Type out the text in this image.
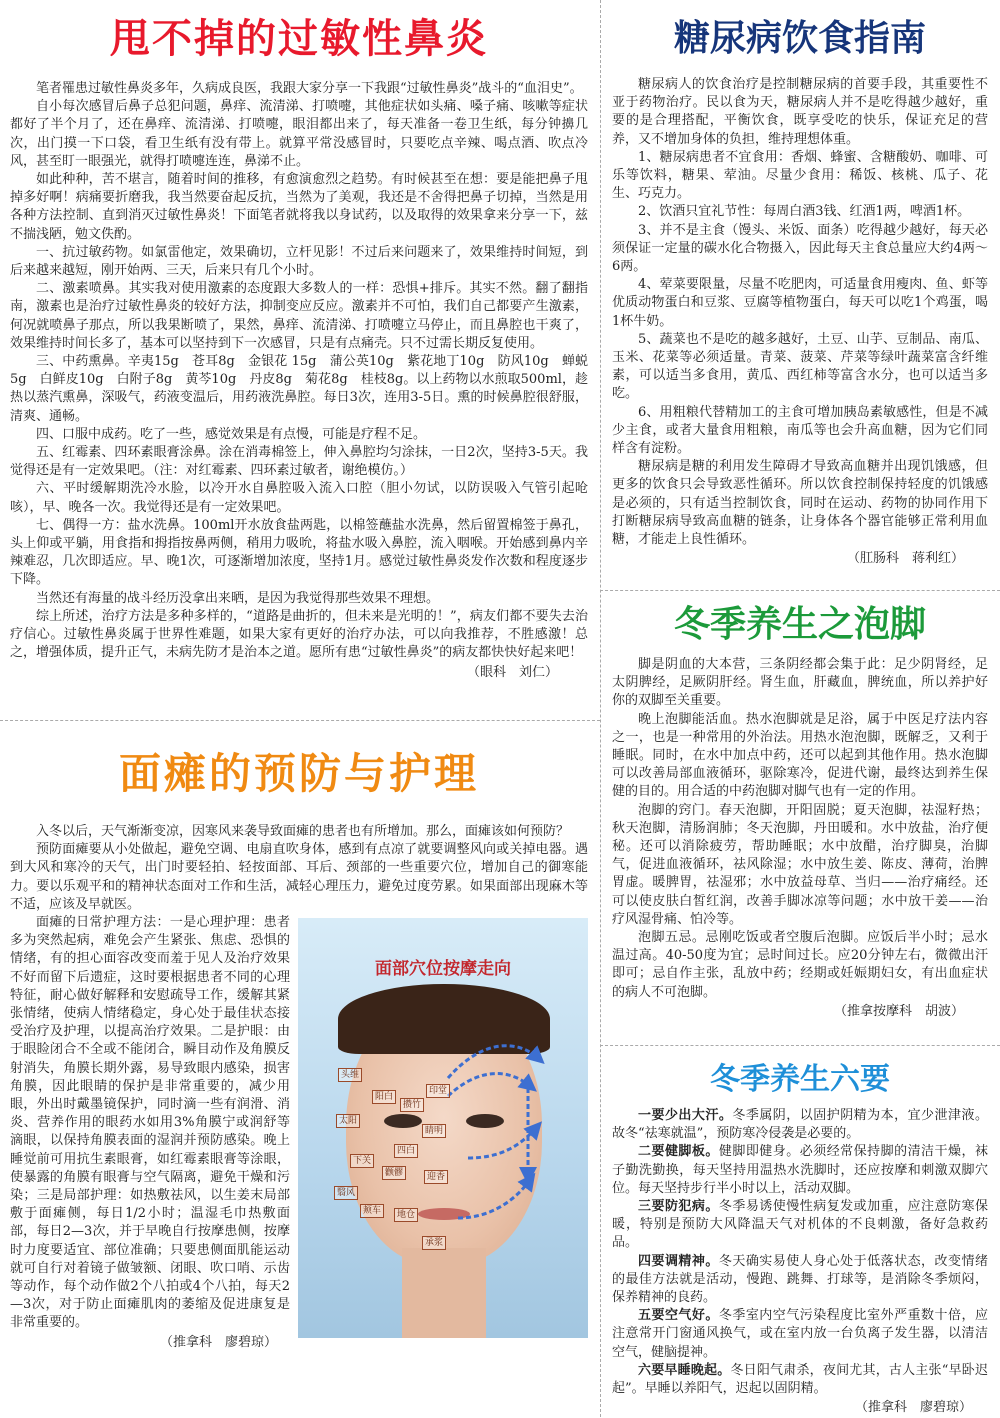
甩不掉的过敏性鼻炎

笔者罹患过敏性鼻炎多年，久病成良医，我跟大家分享一下我跟“过敏性鼻炎”战斗的“血泪史”。

自小每次感冒后鼻子总犯问题，鼻痒、流清涕、打喷嚏，其他症状如头痛、嗓子痛、咳嗽等症状都好了半个月了，还在鼻痒、流清涕、打喷嚏，眼泪都出来了，每天准备一卷卫生纸，每分钟擤几次，出门摸一下口袋，看卫生纸有没有带上。就算平常没感冒时，只要吃点辛辣、喝点酒、吹点冷风，甚至盯一眼强光，就得打喷嚏连连，鼻涕不止。

如此种种，苦不堪言，随着时间的推移，有愈演愈烈之趋势。有时候甚至在想：要是能把鼻子甩掉多好啊！病痛要折磨我，我当然要奋起反抗，当然为了美观，我还是不舍得把鼻子切掉，当然是用各种方法控制、直到消灭过敏性鼻炎！下面笔者就将我以身试药，以及取得的效果拿来分享一下，兹不揣浅陋，勉文佚酌。

一、抗过敏药物。如氯雷他定，效果确切，立杆见影！不过后来问题来了，效果维持时间短，到后来越来越短，刚开始两、三天，后来只有几个小时。

二、激素喷鼻。其实我对使用激素的态度跟大多数人的一样：恐惧+排斥。其实不然。翻了翻指南，激素也是治疗过敏性鼻炎的较好方法，抑制变应反应。激素并不可怕，我们自己都要产生激素，何况就喷鼻子那点，所以我果断喷了，果然，鼻痒、流清涕、打喷嚏立马停止，而且鼻腔也干爽了，效果维持时间长多了，基本可以坚持到下一次感冒，只是有点痛壳。只不过需长期反复使用。

三、中药熏鼻。辛夷15g　苍耳8g　金银花 15g　蒲公英10g　紫花地丁10g　防风10g　蝉蜕5g　白鲜皮10g　白附子8g　黄芩10g　丹皮8g　菊花8g　桂枝8g。以上药物以水煎取500ml，趁热以蒸汽熏鼻，深吸气，药液变温后，用药液洗鼻腔。每日3次，连用3-5日。熏的时候鼻腔很舒服，清爽、通畅。

四、口服中成药。吃了一些，感觉效果是有点慢，可能是疗程不足。

五、红霉素、四环素眼膏涂鼻。涂在消毒棉签上，伸入鼻腔均匀涂抹，一日2次，坚持3-5天。我觉得还是有一定效果吧。（注：对红霉素、四环素过敏者，谢绝模仿。）

六、平时缓解期洗冷水脸，以冷开水自鼻腔吸入流入口腔（胆小勿试，以防误吸入气管引起呛咳），早、晚各一次。我觉得还是有一定效果吧。

七、偶得一方：盐水洗鼻。100ml开水放食盐两匙，以棉签蘸盐水洗鼻，然后留置棉签于鼻孔，头上仰或平躺，用食指和拇指按鼻两侧，稍用力吸吮，将盐水吸入鼻腔，流入咽喉。开始感到鼻内辛辣难忍，几次即适应。早、晚1次，可逐渐增加浓度，坚持1月。感觉过敏性鼻炎发作次数和程度逐步下降。

当然还有海量的战斗经历没拿出来晒，是因为我觉得那些效果不理想。

综上所述，治疗方法是多种多样的，“道路是曲折的，但未来是光明的！”，病友们都不要失去治疗信心。过敏性鼻炎属于世界性难题，如果大家有更好的治疗办法，可以向我推荐，不胜感激！总之，增强体质，提升正气，未病先防才是治本之道。愿所有患“过敏性鼻炎”的病友都快快好起来吧！

（眼科　刘仁）

面瘫的预防与护理

入冬以后，天气渐渐变凉，因寒风来袭导致面瘫的患者也有所增加。那么，面瘫该如何预防？

预防面瘫要从小处做起，避免空调、电扇直吹身体，感到有点凉了就要调整风向或关掉电器。遇到大风和寒冷的天气，出门时要轻拍、轻按面部、耳后、颈部的一些重要穴位，增加自己的御寒能力。要以乐观平和的精神状态面对工作和生活，减轻心理压力，避免过度劳累。如果面部出现麻木等不适，应该及早就医。

面部穴位按摩走向
阳白
印堂
头维
太阳
攒竹
睛明
四白
迎香
颧髎
下关
颊车	地仓
承浆
翳风

面瘫的日常护理方法：一是心理护理：患者多为突然起病，难免会产生紧张、焦虑、恐惧的情绪，有的担心面容改变而羞于见人及治疗效果不好而留下后遗症，这时要根据患者不同的心理特征，耐心做好解释和安慰疏导工作，缓解其紧张情绪，使病人情绪稳定，身心处于最佳状态接受治疗及护理，以提高治疗效果。二是护眼：由于眼睑闭合不全或不能闭合，瞬目动作及角膜反射消失，角膜长期外露，易导致眼内感染，损害角膜，因此眼睛的保护是非常重要的，减少用眼，外出时戴墨镜保护，同时滴一些有润滑、消炎、营养作用的眼药水如用3%角膜宁或润舒等滴眼，以保持角膜表面的湿润并预防感染。晚上睡觉前可用抗生素眼膏，如红霉素眼膏等涂眼，使暴露的角膜有眼膏与空气隔离，避免干燥和污染；三是局部护理：如热敷祛风，以生姜末局部敷于面瘫侧，每日1/2小时；温湿毛巾热敷面部，每日2—3次，并于早晚自行按摩患侧，按摩时力度要适宜、部位准确；只要患侧面肌能运动就可自行对着镜子做皱额、闭眼、吹口哨、示齿等动作，每个动作做2个八拍或4个八拍，每天2—3次，对于防止面瘫肌肉的萎缩及促进康复是非常重要的。

（推拿科　廖碧琼）

糖尿病饮食指南

糖尿病人的饮食治疗是控制糖尿病的首要手段，其重要性不亚于药物治疗。民以食为天，糖尿病人并不是吃得越少越好，重要的是合理搭配，平衡饮食，既享受吃的快乐，保证充足的营养，又不增加身体的负担，维持理想体重。

1、糖尿病患者不宜食用：香烟、蜂蜜、含糖酸奶、咖啡、可乐等饮料，糖果、荤油。尽量少食用：稀饭、核桃、瓜子、花生、巧克力。

2、饮酒只宜礼节性：每周白酒3钱、红酒1两，啤酒1杯。

3、并不是主食（馒头、米饭、面条）吃得越少越好，每天必须保证一定量的碳水化合物摄入，因此每天主食总量应大约4两～6两。

4、荤菜要限量，尽量不吃肥肉，可适量食用瘦肉、鱼、虾等优质动物蛋白和豆浆、豆腐等植物蛋白，每天可以吃1个鸡蛋，喝1杯牛奶。

5、蔬菜也不是吃的越多越好，土豆、山芋、豆制品、南瓜、玉米、花菜等必须适量。青菜、菠菜、芹菜等绿叶蔬菜富含纤维素，可以适当多食用，黄瓜、西红柿等富含水分，也可以适当多吃。

6、用粗粮代替精加工的主食可增加胰岛素敏感性，但是不减少主食，或者大量食用粗粮，南瓜等也会升高血糖，因为它们同样含有淀粉。

糖尿病是糖的利用发生障碍才导致高血糖并出现饥饿感，但更多的饮食只会导致恶性循环。所以饮食控制保持轻度的饥饿感是必须的，只有适当控制饮食，同时在运动、药物的协同作用下打断糖尿病导致高血糖的链条，让身体各个器官能够正常利用血糖，才能走上良性循环。

（肛肠科　蒋利红）

冬季养生之泡脚

脚是阴血的大本营，三条阴经都会集于此：足少阴肾经，足太阴脾经，足厥阴肝经。肾生血，肝藏血，脾统血，所以养护好你的双脚至关重要。

晚上泡脚能活血。热水泡脚就是足浴，属于中医足疗法内容之一，也是一种常用的外治法。用热水泡泡脚，既解乏，又利于睡眠。同时，在水中加点中药，还可以起到其他作用。热水泡脚可以改善局部血液循环，驱除寒冷，促进代谢，最终达到养生保健的目的。用合适的中药泡脚对脚气也有一定的作用。

泡脚的窍门。春天泡脚，开阳固脱；夏天泡脚，祛湿籽热；秋天泡脚，清肠润肺；冬天泡脚，丹田暖和。水中放盐，治疗便秘。还可以消除疲劳，帮助睡眠；水中放醋，治疗脚臭，治脚气，促进血液循环，祛风除湿；水中放生姜、陈皮、薄荷，治脾胃虚。暖脾胃，祛湿邪；水中放益母草、当归——治疗痛经。还可以使皮肤白皙红润，改善手脚冰凉等问题；水中放干姜——治疗风湿骨痛、怕冷等。

泡脚五忌。忌刚吃饭或者空腹后泡脚。应饭后半小时；忌水温过高。40-50度为宜；忌时间过长。应20分钟左右，微微出汗即可；忌自作主张，乱放中药；经期或妊娠期妇女，有出血症状的病人不可泡脚。

（推拿按摩科　胡波）

冬季养生六要

一要少出大汗。冬季属阴，以固护阴精为本，宜少泄津液。故冬“祛寒就温”，预防寒冷侵袭是必要的。

二要健脚板。健脚即健身。必须经常保持脚的清洁干燥，袜子勤洗勤换，每天坚持用温热水洗脚时，还应按摩和刺激双脚穴位。每天坚持步行半小时以上，活动双脚。

三要防犯病。冬季易诱使慢性病复发或加重，应注意防寒保暖，特别是预防大风降温天气对机体的不良刺激，备好急救药品。

四要调精神。冬天确实易使人身心处于低落状态，改变情绪的最佳方法就是活动，慢跑、跳舞、打球等，是消除冬季烦闷，保养精神的良药。

五要空气好。冬季室内空气污染程度比室外严重数十倍，应注意常开门窗通风换气，或在室内放一台负离子发生器，以清洁空气，健脑提神。

六要早睡晚起。冬日阳气肃杀，夜间尤其，古人主张“早卧迟起”。早睡以养阳气，迟起以固阴精。

（推拿科　廖碧琼）
